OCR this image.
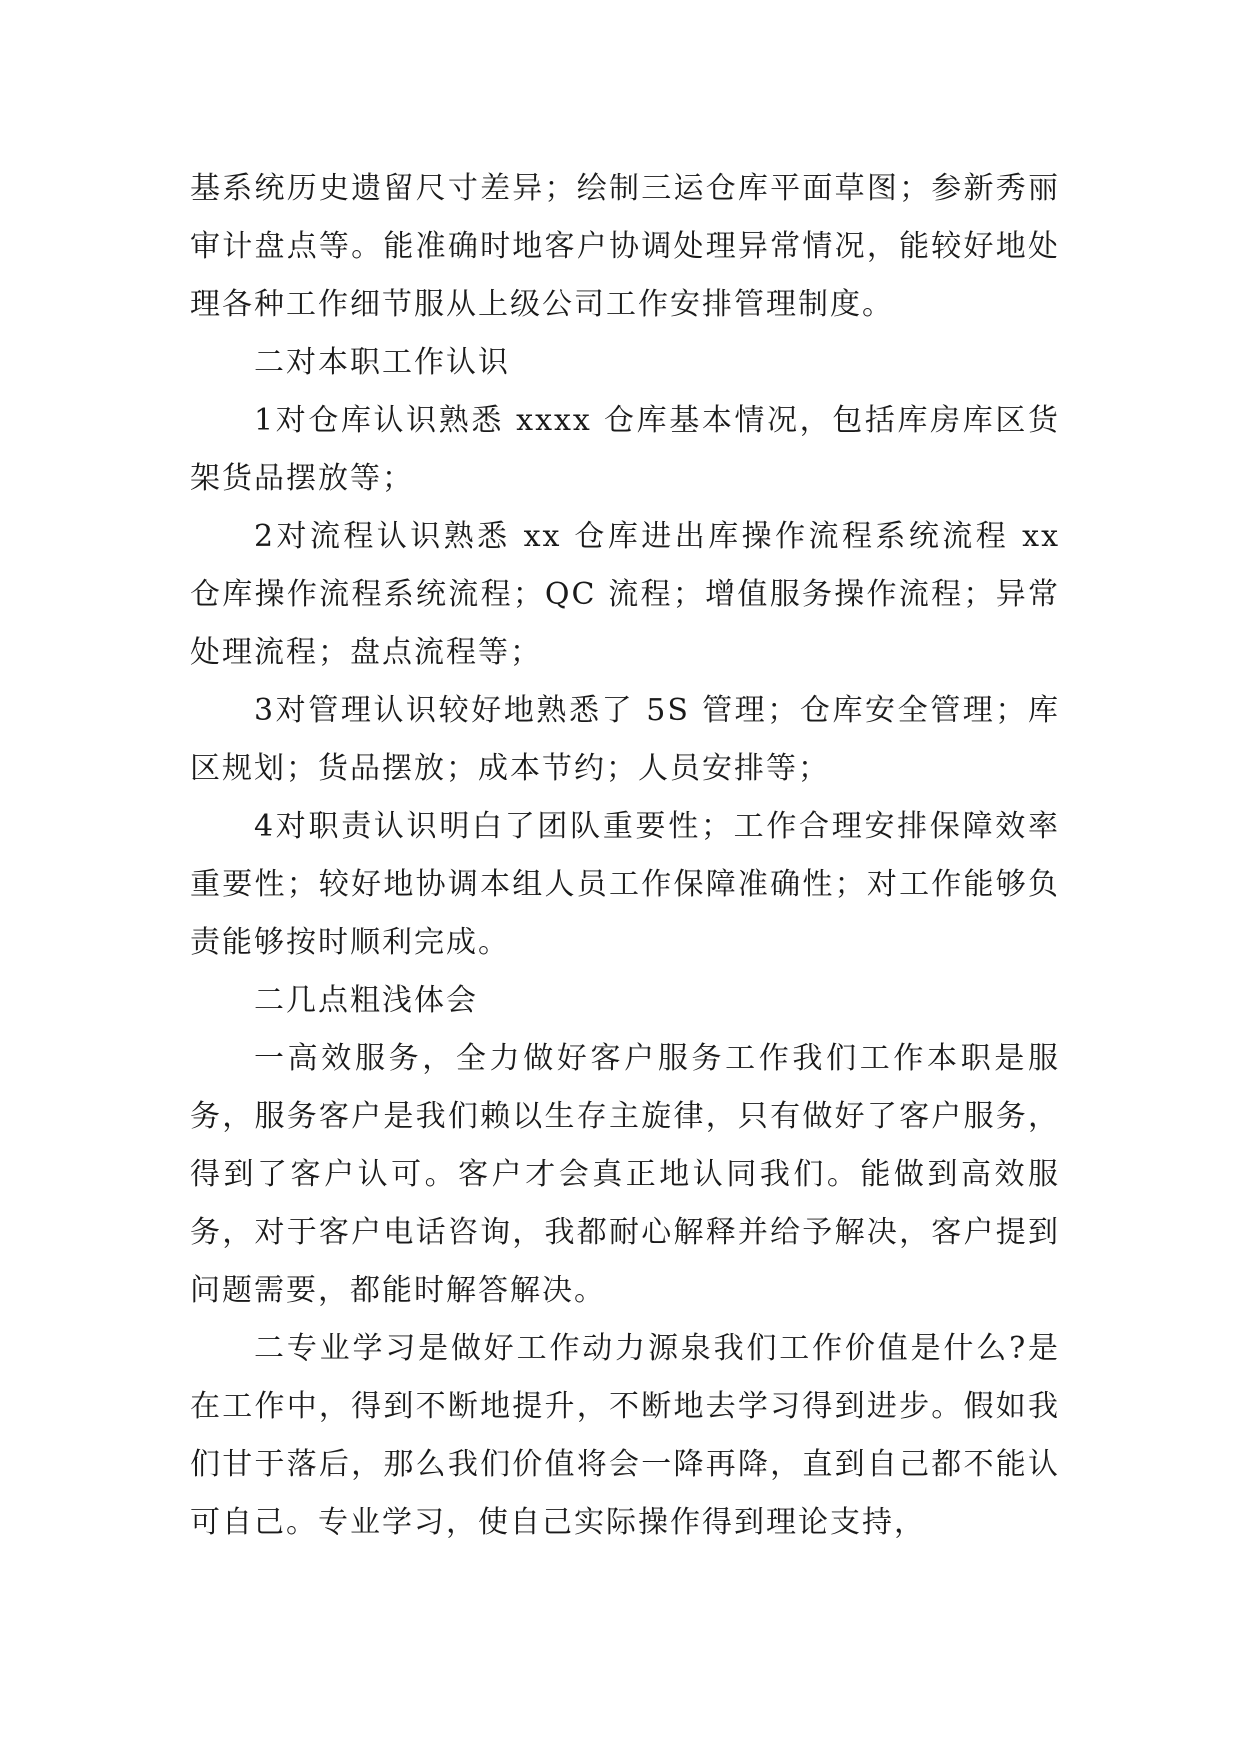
基系统历史遗留尺寸差异；绘制三运仓库平面草图；参新秀丽审计盘点等。能准确时地客户协调处理异常情况，能较好地处理各种工作细节服从上级公司工作安排管理制度。

二对本职工作认识

1对仓库认识熟悉 xxxx 仓库基本情况，包括库房库区货架货品摆放等；

2对流程认识熟悉 xx 仓库进出库操作流程系统流程 xx 仓库操作流程系统流程；QC 流程；增值服务操作流程；异常处理流程；盘点流程等；

3对管理认识较好地熟悉了 5S 管理；仓库安全管理；库区规划；货品摆放；成本节约；人员安排等；

4对职责认识明白了团队重要性；工作合理安排保障效率重要性；较好地协调本组人员工作保障准确性；对工作能够负责能够按时顺利完成。

二几点粗浅体会

一高效服务，全力做好客户服务工作我们工作本职是服务，服务客户是我们赖以生存主旋律，只有做好了客户服务，得到了客户认可。客户才会真正地认同我们。能做到高效服务，对于客户电话咨询，我都耐心解释并给予解决，客户提到问题需要，都能时解答解决。

二专业学习是做好工作动力源泉我们工作价值是什么?是在工作中，得到不断地提升，不断地去学习得到进步。假如我们甘于落后，那么我们价值将会一降再降，直到自己都不能认可自己。专业学习，使自己实际操作得到理论支持，
